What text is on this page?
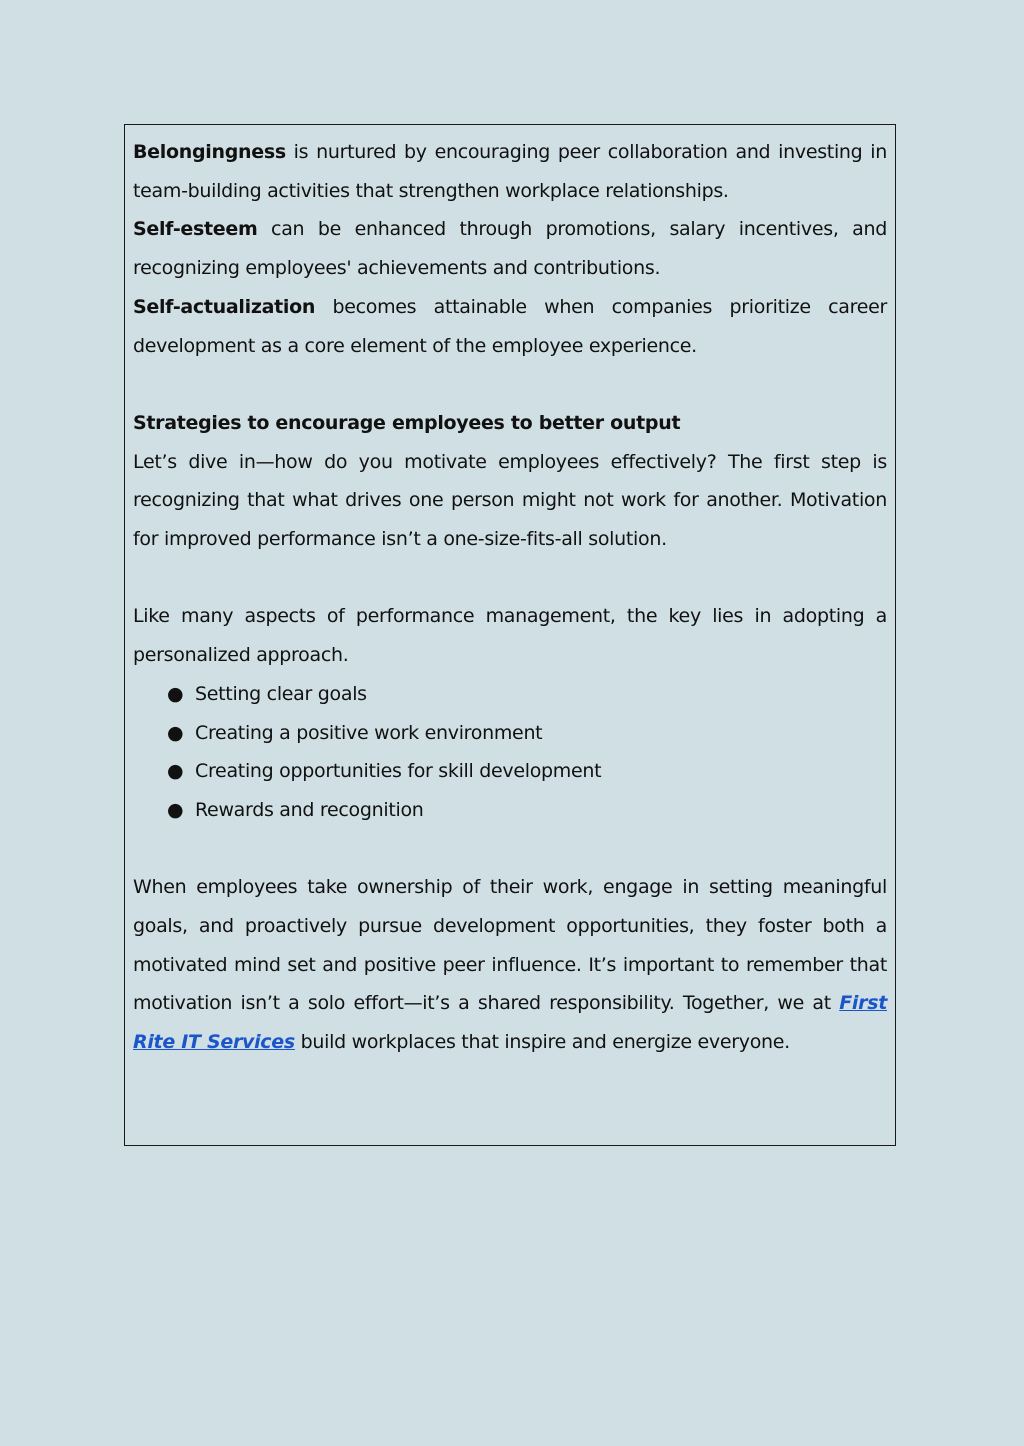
Belongingness is nurtured by encouraging peer collaboration and investing in team-building activities that strengthen workplace relationships.

Self-esteem can be enhanced through promotions, salary incentives, and recognizing employees' achievements and contributions.

Self-actualization becomes attainable when companies prioritize career development as a core element of the employee experience.

Strategies to encourage employees to better output

Let’s dive in—how do you motivate employees effectively? The first step is recognizing that what drives one person might not work for another. Motivation for improved performance isn’t a one-size-fits-all solution.

Like many aspects of performance management, the key lies in adopting a personalized approach.

● Setting clear goals
● Creating a positive work environment
● Creating opportunities for skill development
● Rewards and recognition

When employees take ownership of their work, engage in setting meaningful goals, and proactively pursue development opportunities, they foster both a motivated mind set and positive peer influence. It’s important to remember that motivation isn’t a solo effort—it’s a shared responsibility. Together, we at First Rite IT Services build workplaces that inspire and energize everyone.
